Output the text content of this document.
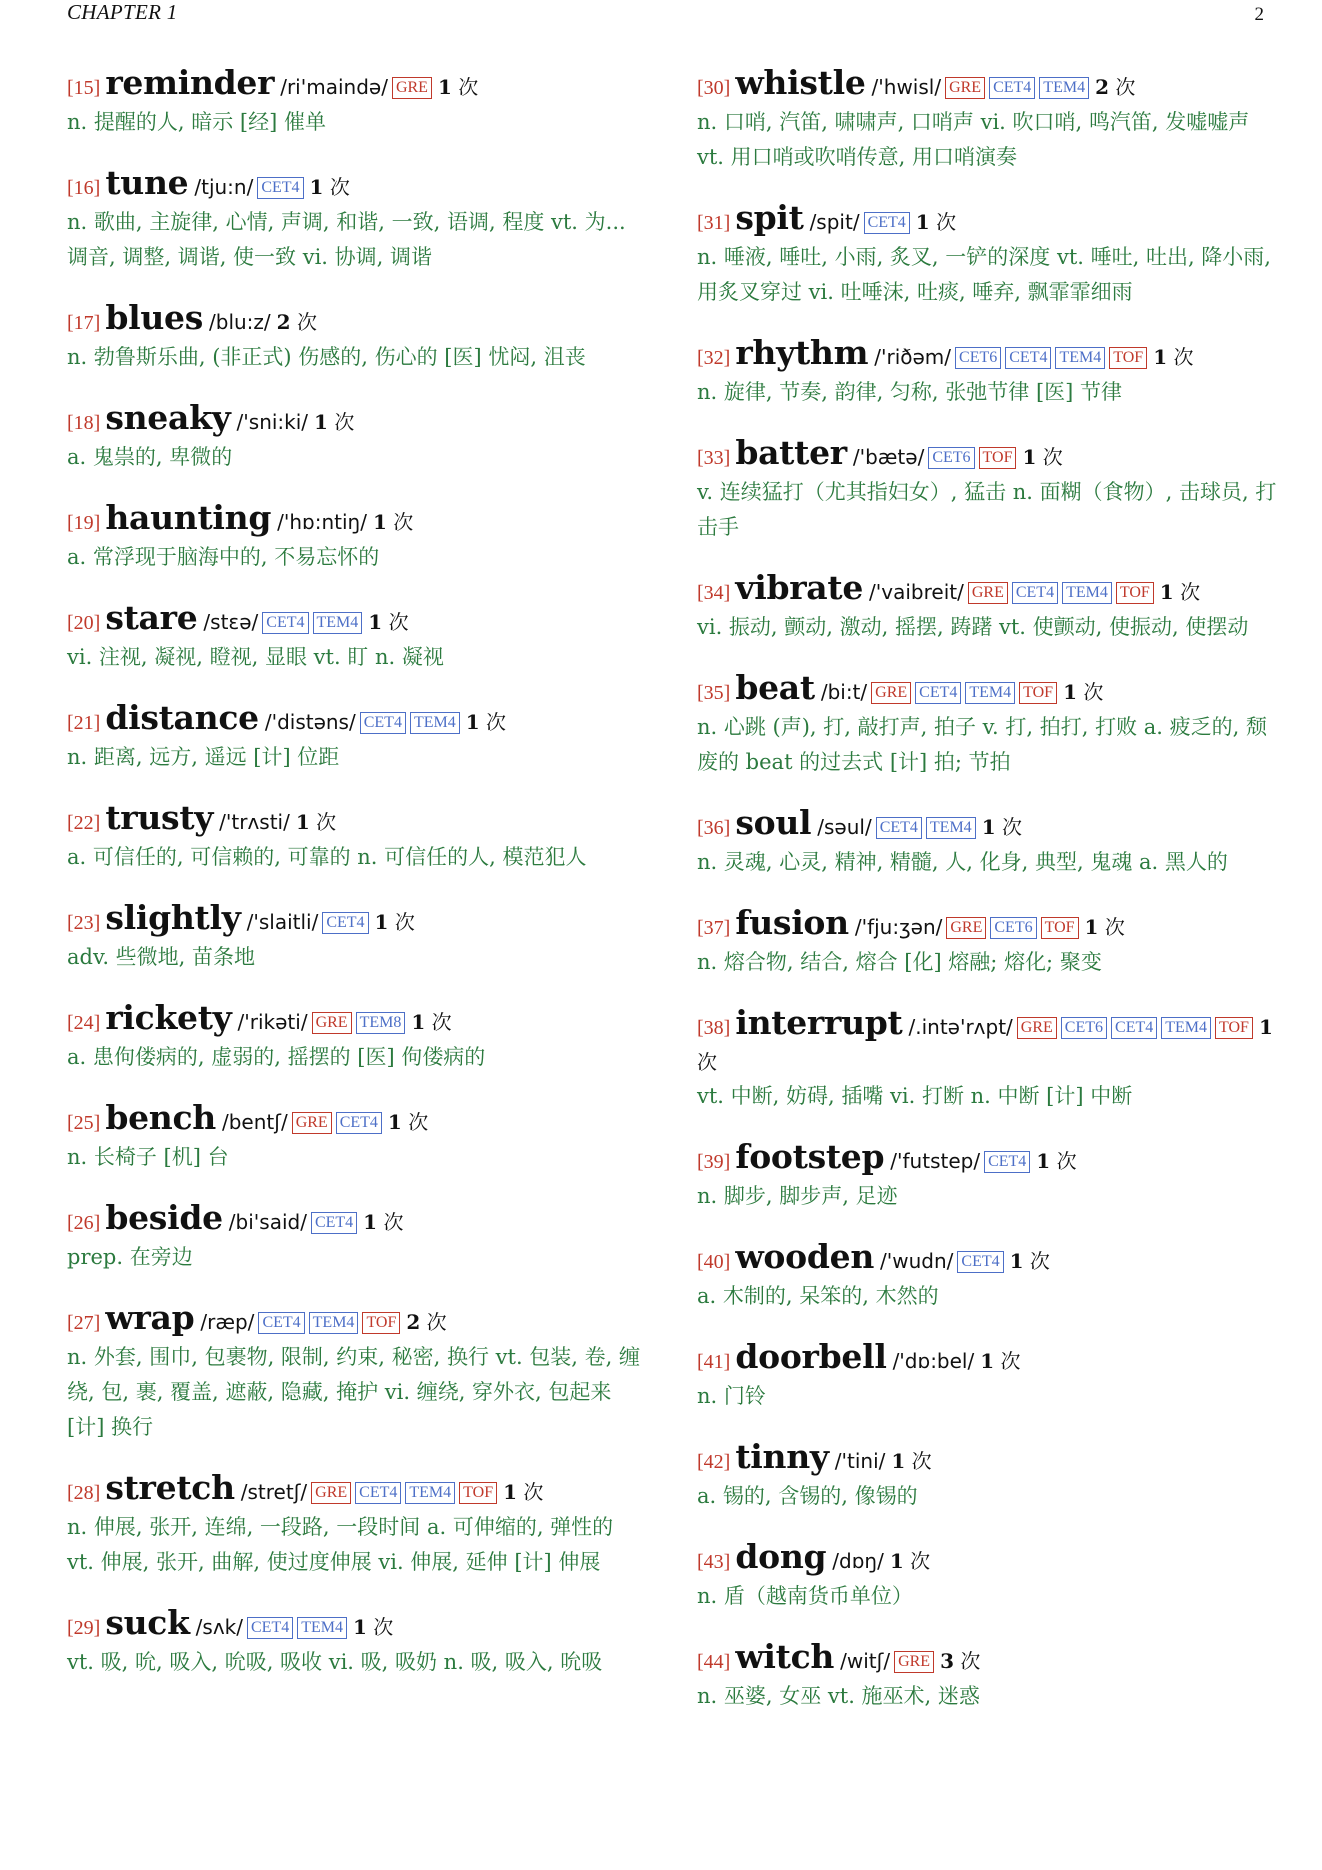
CHAPTER 1	2
[15] reminder /ri'maində/ GRE 1 次
n. 提醒的人, 暗示 [经] 催单
[16] tune /tju:n/ CET4 1 次
n. 歌曲, 主旋律, 心情, 声调, 和谐, 一致, 语调, 程度 vt. 为... 调音, 调整, 调谐, 使一致 vi. 协调, 调谐
[17] blues /blu:z/ 2 次
n. 勃鲁斯乐曲, (非正式) 伤感的, 伤心的 [医] 忧闷, 沮丧
[18] sneaky /'sni:ki/ 1 次
a. 鬼祟的, 卑微的
[19] haunting /'hɒ:ntiŋ/ 1 次
a. 常浮现于脑海中的, 不易忘怀的
[20] stare /stɛə/ CET4 TEM4 1 次
vi. 注视, 凝视, 瞪视, 显眼 vt. 盯 n. 凝视
[21] distance /'distəns/ CET4 TEM4 1 次
n. 距离, 远方, 遥远 [计] 位距
[22] trusty /'trʌsti/ 1 次
a. 可信任的, 可信赖的, 可靠的 n. 可信任的人, 模范犯人
[23] slightly /'slaitli/ CET4 1 次
adv. 些微地, 苗条地
[24] rickety /'rikəti/ GRE TEM8 1 次
a. 患佝偻病的, 虚弱的, 摇摆的 [医] 佝偻病的
[25] bench /bentʃ/ GRE CET4 1 次
n. 长椅子 [机] 台
[26] beside /bi'said/ CET4 1 次
prep. 在旁边
[27] wrap /ræp/ CET4 TEM4 TOF 2 次
n. 外套, 围巾, 包裹物, 限制, 约束, 秘密, 换行 vt. 包装, 卷, 缠绕, 包, 裹, 覆盖, 遮蔽, 隐藏, 掩护 vi. 缠绕, 穿外衣, 包起来 [计] 换行
[28] stretch /stretʃ/ GRE CET4 TEM4 TOF 1 次
n. 伸展, 张开, 连绵, 一段路, 一段时间 a. 可伸缩的, 弹性的 vt. 伸展, 张开, 曲解, 使过度伸展 vi. 伸展, 延伸 [计] 伸展
[29] suck /sʌk/ CET4 TEM4 1 次
vt. 吸, 吮, 吸入, 吮吸, 吸收 vi. 吸, 吸奶 n. 吸, 吸入, 吮吸
[30] whistle /'hwisl/ GRE CET4 TEM4 2 次
n. 口哨, 汽笛, 啸啸声, 口哨声 vi. 吹口哨, 鸣汽笛, 发嘘嘘声 vt. 用口哨或吹哨传意, 用口哨演奏
[31] spit /spit/ CET4 1 次
n. 唾液, 唾吐, 小雨, 炙叉, 一铲的深度 vt. 唾吐, 吐出, 降小雨, 用炙叉穿过 vi. 吐唾沫, 吐痰, 唾弃, 飘霏霏细雨
[32] rhythm /'riðəm/ CET6 CET4 TEM4 TOF 1 次
n. 旋律, 节奏, 韵律, 匀称, 张弛节律 [医] 节律
[33] batter /'bætə/ CET6 TOF 1 次
v. 连续猛打（尤其指妇女）, 猛击 n. 面糊（食物）, 击球员, 打击手
[34] vibrate /'vaibreit/ GRE CET4 TEM4 TOF 1 次
vi. 振动, 颤动, 激动, 摇摆, 踌躇 vt. 使颤动, 使振动, 使摆动
[35] beat /bi:t/ GRE CET4 TEM4 TOF 1 次
n. 心跳 (声), 打, 敲打声, 拍子 v. 打, 拍打, 打败 a. 疲乏的, 颓废的 beat 的过去式 [计] 拍; 节拍
[36] soul /səul/ CET4 TEM4 1 次
n. 灵魂, 心灵, 精神, 精髓, 人, 化身, 典型, 鬼魂 a. 黑人的
[37] fusion /'fju:ʒən/ GRE CET6 TOF 1 次
n. 熔合物, 结合, 熔合 [化] 熔融; 熔化; 聚变
[38] interrupt /.intə'rʌpt/ GRE CET6 CET4 TEM4 TOF 1 次
vt. 中断, 妨碍, 插嘴 vi. 打断 n. 中断 [计] 中断
[39] footstep /'futstep/ CET4 1 次
n. 脚步, 脚步声, 足迹
[40] wooden /'wudn/ CET4 1 次
a. 木制的, 呆笨的, 木然的
[41] doorbell /'dɒ:bel/ 1 次
n. 门铃
[42] tinny /'tini/ 1 次
a. 锡的, 含锡的, 像锡的
[43] dong /dɒŋ/ 1 次
n. 盾（越南货币单位）
[44] witch /witʃ/ GRE 3 次
n. 巫婆, 女巫 vt. 施巫术, 迷惑
